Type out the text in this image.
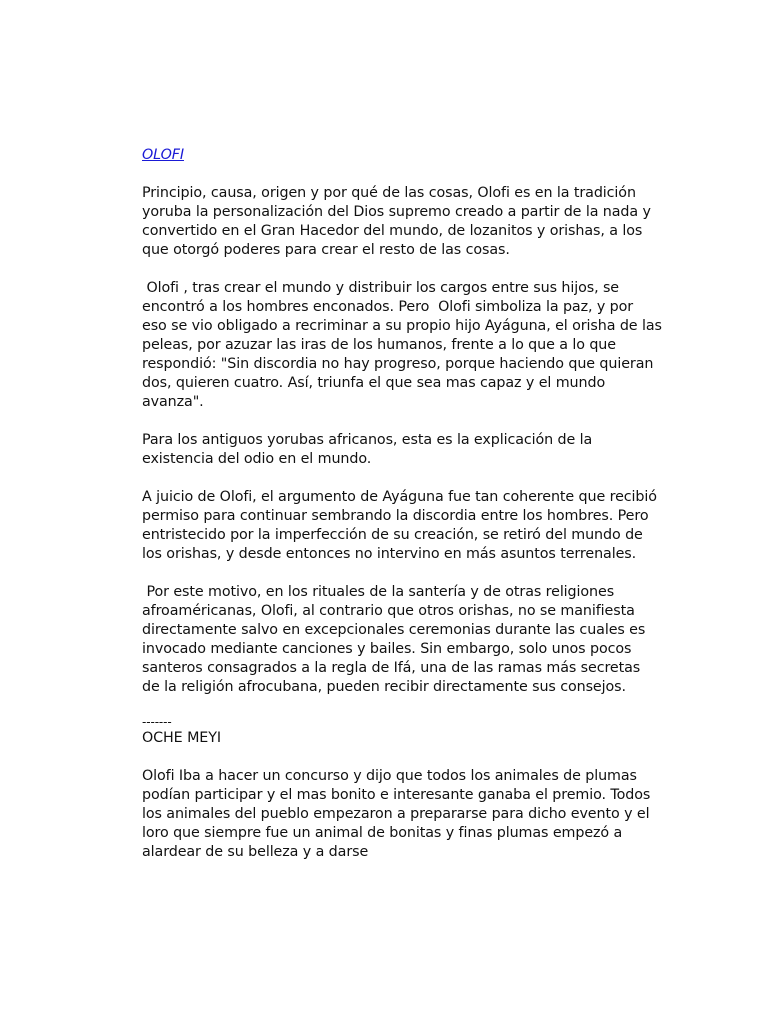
OLOFI

Principio, causa, origen y por qué de las cosas, Olofi es en la tradición yoruba la personalización del Dios supremo creado a partir de la nada y convertido en el Gran Hacedor del mundo, de lozanitos y orishas, a los que otorgó poderes para crear el resto de las cosas.

Olofi , tras crear el mundo y distribuir los cargos entre sus hijos, se encontró a los hombres enconados. Pero  Olofi simboliza la paz, y por eso se vio obligado a recriminar a su propio hijo Ayáguna, el orisha de las peleas, por azuzar las iras de los humanos, frente a lo que a lo que respondió: "Sin discordia no hay progreso, porque haciendo que quieran dos, quieren cuatro. Así, triunfa el que sea mas capaz y el mundo avanza".

Para los antiguos yorubas africanos, esta es la explicación de la existencia del odio en el mundo.

A juicio de Olofi, el argumento de Ayáguna fue tan coherente que recibió permiso para continuar sembrando la discordia entre los hombres. Pero entristecido por la imperfección de su creación, se retiró del mundo de los orishas, y desde entonces no intervino en más asuntos terrenales.

Por este motivo, en los rituales de la santería y de otras religiones afroaméricanas, Olofi, al contrario que otros orishas, no se manifiesta directamente salvo en excepcionales ceremonias durante las cuales es invocado mediante canciones y bailes. Sin embargo, solo unos pocos santeros consagrados a la regla de Ifá, una de las ramas más secretas de la religión afrocubana, pueden recibir directamente sus consejos.

-------
OCHE MEYI

Olofi Iba a hacer un concurso y dijo que todos los animales de plumas podían participar y el mas bonito e interesante ganaba el premio. Todos los animales del pueblo empezaron a prepararse para dicho evento y el loro que siempre fue un animal de bonitas y finas plumas empezó a alardear de su belleza y a darse
